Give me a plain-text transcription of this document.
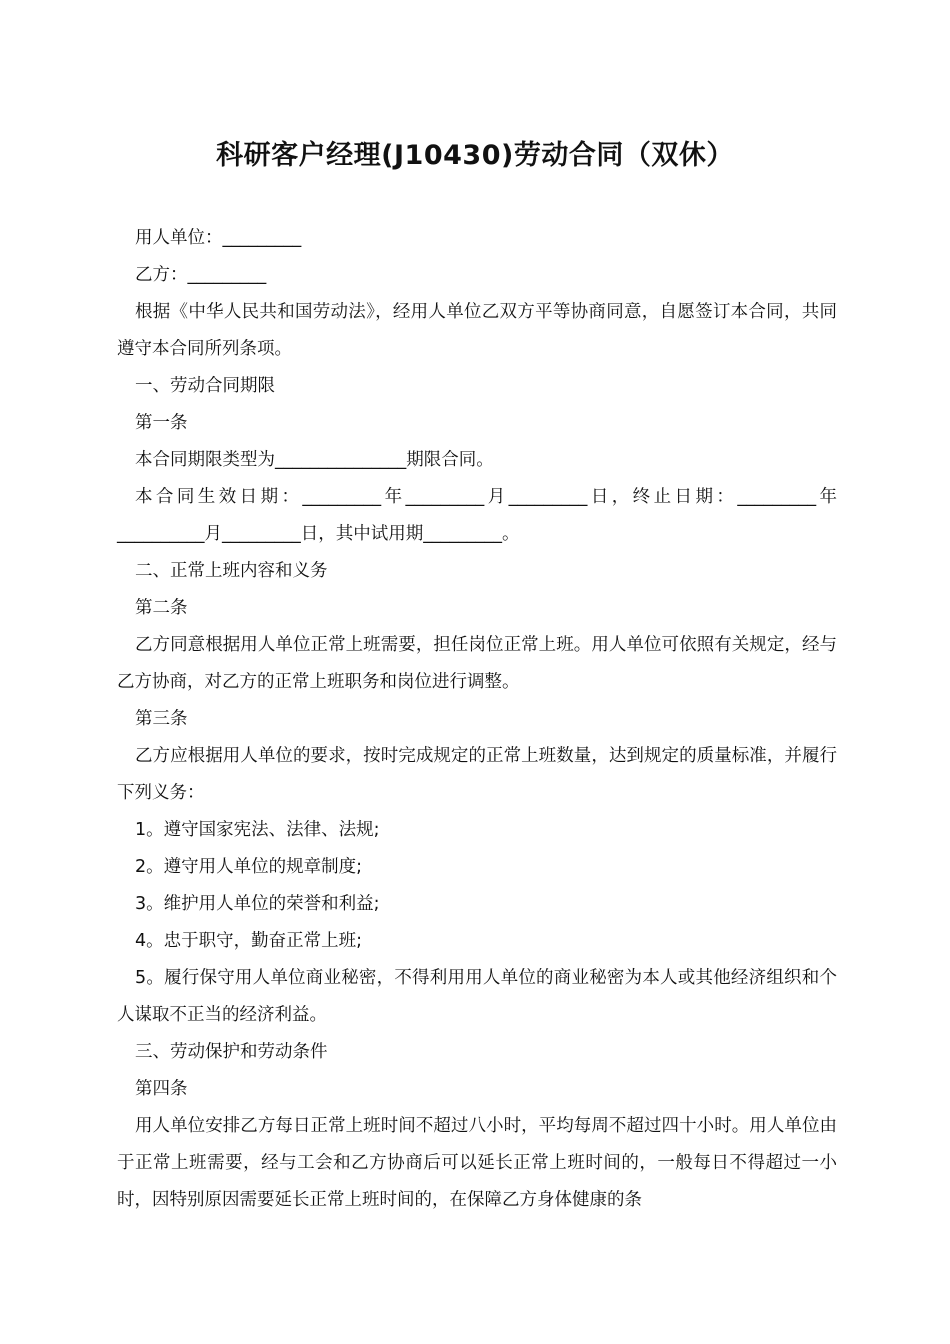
科研客户经理(J10430)劳动合同（双休）

用人单位：_________

乙方：_________

根据《中华人民共和国劳动法》，经用人单位乙双方平等协商同意，自愿签订本合同，共同遵守本合同所列条项。

一、劳动合同期限

第一条

本合同期限类型为_______________期限合同。

本合同生效日期：_________年_________月_________日，终止日期：_________年__________月_________日，其中试用期_________。

二、正常上班内容和义务

第二条

乙方同意根据用人单位正常上班需要，担任岗位正常上班。用人单位可依照有关规定，经与乙方协商，对乙方的正常上班职务和岗位进行调整。

第三条

乙方应根据用人单位的要求，按时完成规定的正常上班数量，达到规定的质量标准，并履行下列义务：

1。遵守国家宪法、法律、法规;

2。遵守用人单位的规章制度;

3。维护用人单位的荣誉和利益;

4。忠于职守，勤奋正常上班;

5。履行保守用人单位商业秘密，不得利用用人单位的商业秘密为本人或其他经济组织和个人谋取不正当的经济利益。

三、劳动保护和劳动条件

第四条

用人单位安排乙方每日正常上班时间不超过八小时，平均每周不超过四十小时。用人单位由于正常上班需要，经与工会和乙方协商后可以延长正常上班时间的，一般每日不得超过一小时，因特别原因需要延长正常上班时间的，在保障乙方身体健康的条
